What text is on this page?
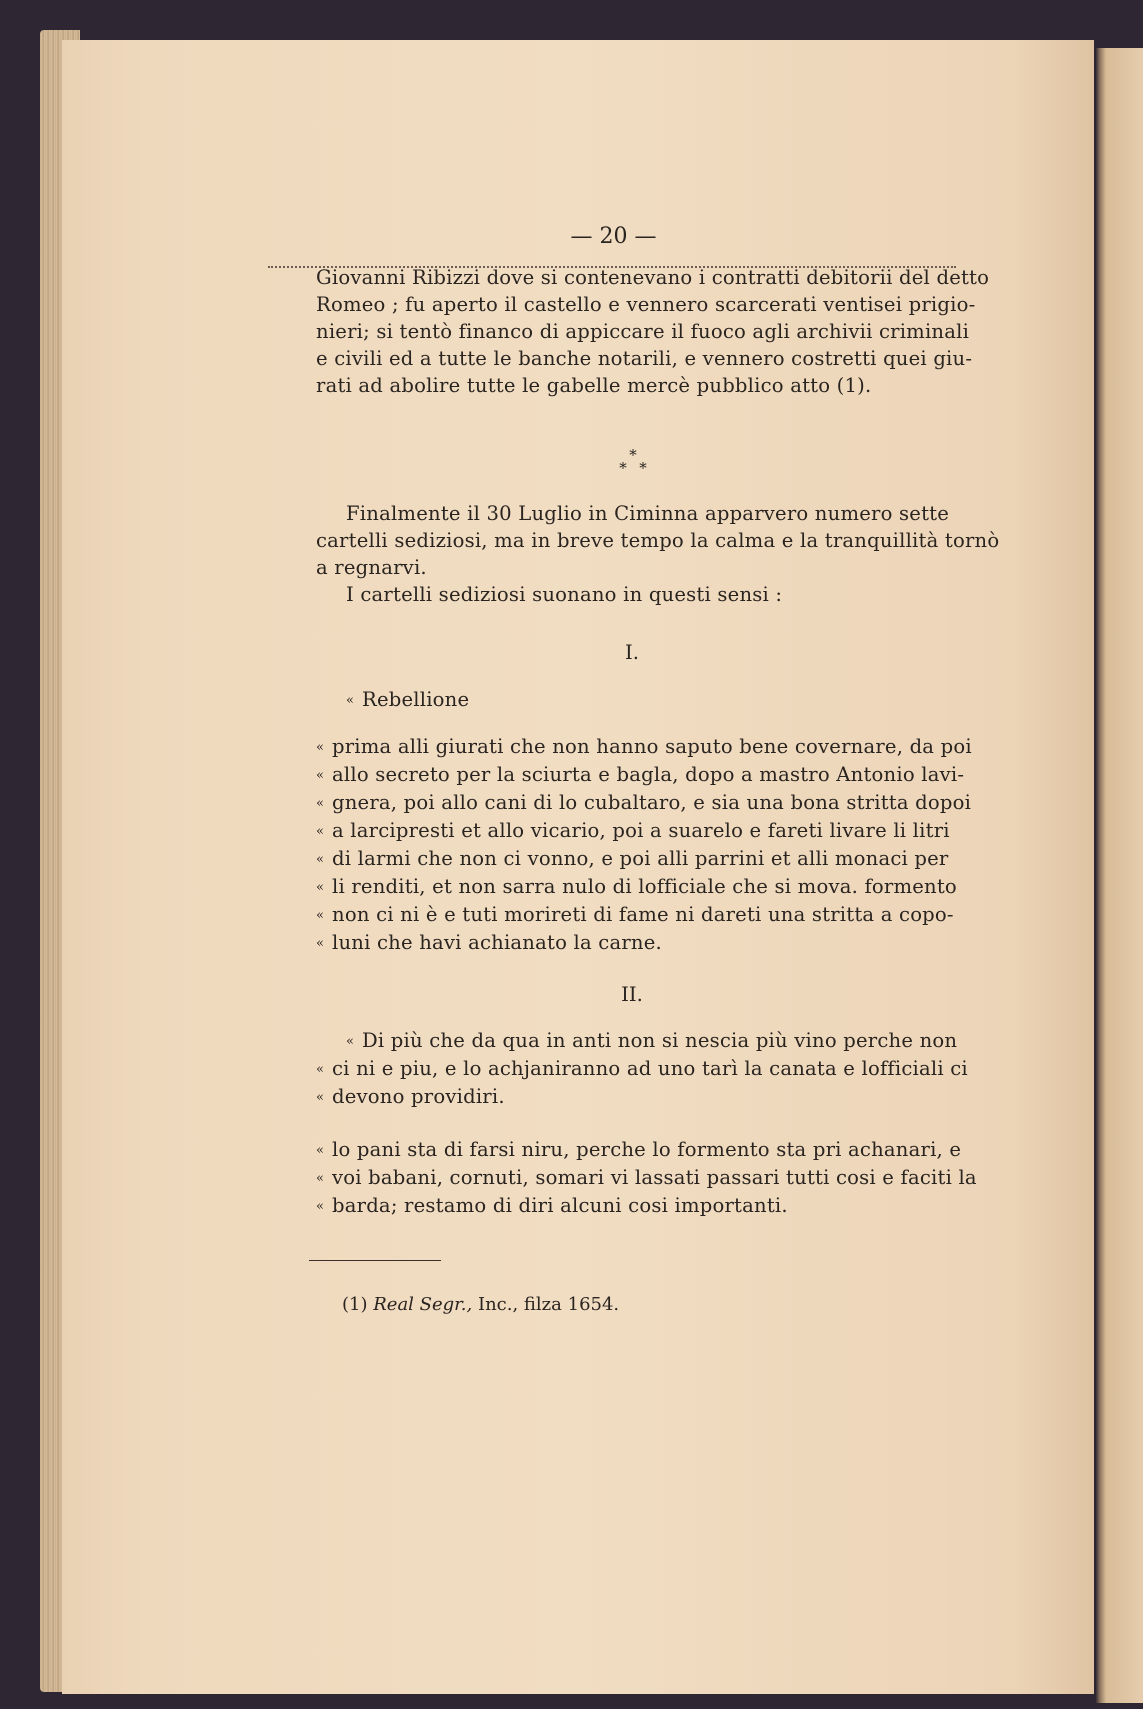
— 20 —
Giovanni Ribizzi dove si contenevano i contratti debitorii del detto
Romeo ; fu aperto il castello e vennero scarcerati ventisei prigio-
nieri; si tentò financo di appiccare il fuoco agli archivii criminali
e civili ed a tutte le banche notarili, e vennero costretti quei giu-
rati ad abolire tutte le gabelle mercè pubblico atto (1).
*
* *
Finalmente il 30 Luglio in Ciminna apparvero numero sette
cartelli sediziosi, ma in breve tempo la calma e la tranquillità tornò
a regnarvi.
I cartelli sediziosi suonano in questi sensi :
I.
« Rebellione
« prima alli giurati che non hanno saputo bene covernare, da poi
« allo secreto per la sciurta e bagla, dopo a mastro Antonio lavi-
« gnera, poi allo cani di lo cubaltaro, e sia una bona stritta dopoi
« a larcipresti et allo vicario, poi a suarelo e fareti livare li litri
« di larmi che non ci vonno, e poi alli parrini et alli monaci per
« li renditi, et non sarra nulo di lofficiale che si mova. formento
« non ci ni è e tuti morireti di fame ni dareti una stritta a copo-
« luni che havi achianato la carne.
II.
« Di più che da qua in anti non si nescia più vino perche non
« ci ni e piu, e lo achjaniranno ad uno tarì la canata e lofficiali ci
« devono providiri.
« lo pani sta di farsi niru, perche lo formento sta pri achanari, e
« voi babani, cornuti, somari vi lassati passari tutti cosi e faciti la
« barda; restamo di diri alcuni cosi importanti.
(1) Real Segr., Inc., filza 1654.
